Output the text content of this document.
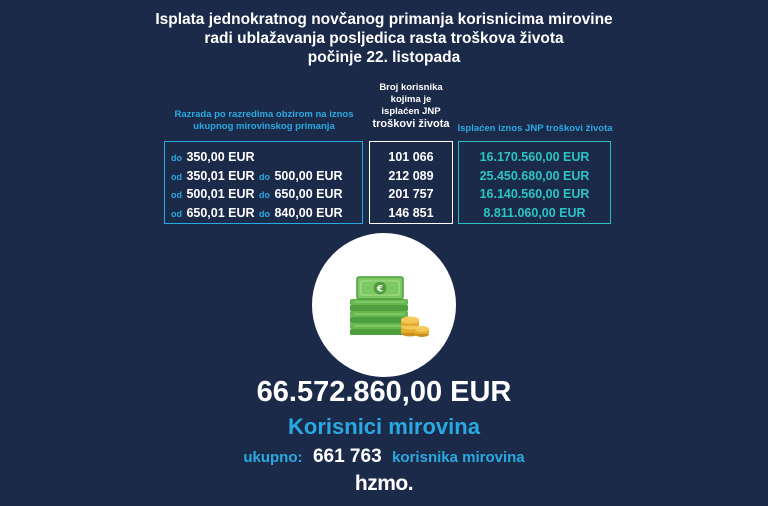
Isplata jednokratnog novčanog primanja korisnicima mirovine
radi ublažavanja posljedica rasta troškova života
počinje 22. listopada
Razrada po razredima obzirom na iznos
ukupnog mirovinskog primanja
Broj korisnika
kojima je
isplaćen JNP
troškovi života Isplaćen iznos JNP troškovi života
do 350,00 EUR
od 350,01 EUR do 500,00 EUR
od 500,01 EUR do 650,00 EUR
od 650,01 EUR do 840,00 EUR
101 066
212 089
201 757
146 851
16.170.560,00 EUR
25.450.680,00 EUR
16.140.560,00 EUR
8.811.060,00 EUR
€
66.572.860,00 EUR
Korisnici mirovina
ukupno: 661 763 korisnika mirovina
hzmo.
